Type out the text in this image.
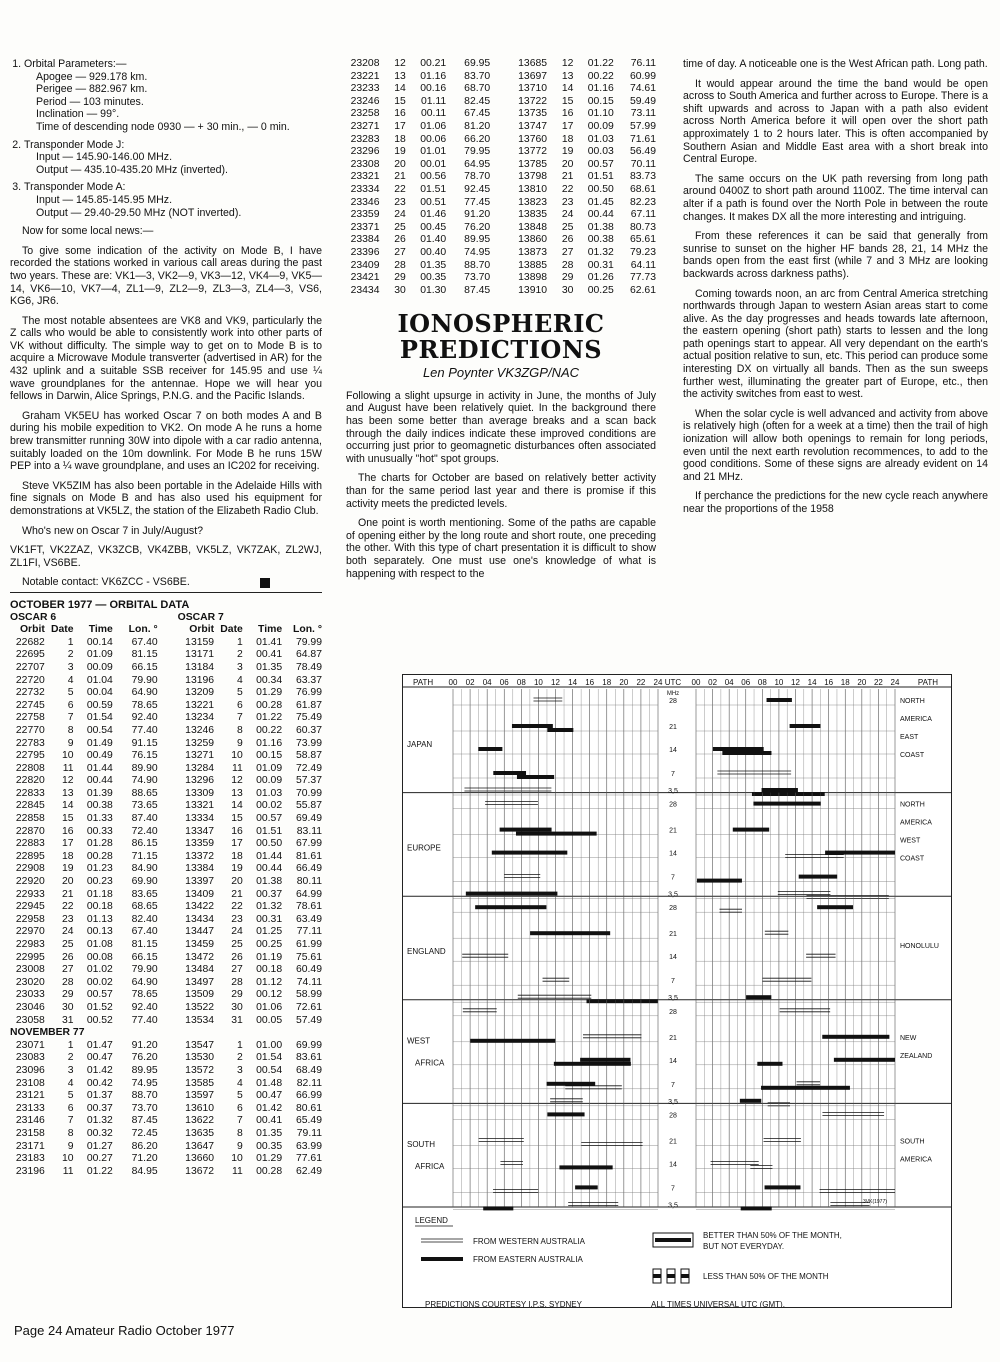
1. Orbital Parameters:—
Apogee — 929.178 km.
Perigee — 882.967 km.
Period — 103 minutes.
Inclination — 99°.
Time of descending node 0930 — + 30 min., — 0 min.
2. Transponder Mode J:
Input — 145.90-146.00 MHz.
Output — 435.10-435.20 MHz (inverted).
3. Transponder Mode A:
Input — 145.85-145.95 MHz.
Output — 29.40-29.50 MHz (NOT inverted).

Now for some local news:—

To give some indication of the activity on Mode B, I have recorded the stations worked in various call areas during the past two years. These are: VK1—3, VK2—9, VK3—12, VK4—9, VK5—14, VK6—10, VK7—4, ZL1—9, ZL2—9, ZL3—3, ZL4—3, VS6, KG6, JR6.

The most notable absentees are VK8 and VK9, particularly the Z calls who would be able to consistently work into other parts of VK without difficulty. The simple way to get on to Mode B is to acquire a Microwave Module transverter (advertised in AR) for the 432 uplink and a suitable SSB receiver for 145.95 and use ¼ wave groundplanes for the antennae. Hope we will hear you fellows in Darwin, Alice Springs, P.N.G. and the Pacific Islands.

Graham VK5EU has worked Oscar 7 on both modes A and B during his mobile expedition to VK2. On mode A he runs a home brew transmitter running 30W into dipole with a car radio antenna, suitably loaded on the 10m downlink. For Mode B he runs 15W PEP into a ¼ wave groundplane, and uses an IC202 for receiving.

Steve VK5ZIM has also been portable in the Adelaide Hills with fine signals on Mode B and has also used his equipment for demonstrations at VK5LZ, the station of the Elizabeth Radio Club.

Who's new on Oscar 7 in July/August?

VK1FT, VK2ZAZ, VK3ZCB, VK4ZBB, VK5LZ, VK7ZAK, ZL2WJ, ZL1FI, VS6BE.

Notable contact: VK6ZCC - VS6BE.

OCTOBER 1977 — ORBITAL DATA
OSCAR 6				OSCAR 7			
Orbit	Date	Time	Lon. °	Orbit	Date	Time	Lon. °
22682	1	00.14	67.40	13159	1	01.41	79.99
22695	2	01.09	81.15	13171	2	00.41	64.87
22707	3	00.09	66.15	13184	3	01.35	78.49
22720	4	01.04	79.90	13196	4	00.34	63.37
22732	5	00.04	64.90	13209	5	01.29	76.99
22745	6	00.59	78.65	13221	6	00.28	61.87
22758	7	01.54	92.40	13234	7	01.22	75.49
22770	8	00.54	77.40	13246	8	00.22	60.37
22783	9	01.49	91.15	13259	9	01.16	73.99
22795	10	00.49	76.15	13271	10	00.15	58.87
22808	11	01.44	89.90	13284	11	01.09	72.49
22820	12	00.44	74.90	13296	12	00.09	57.37
22833	13	01.39	88.65	13309	13	01.03	70.99
22845	14	00.38	73.65	13321	14	00.02	55.87
22858	15	01.33	87.40	13334	15	00.57	69.49
22870	16	00.33	72.40	13347	16	01.51	83.11
22883	17	01.28	86.15	13359	17	00.50	67.99
22895	18	00.28	71.15	13372	18	01.44	81.61
22908	19	01.23	84.90	13384	19	00.44	66.49
22920	20	00.23	69.90	13397	20	01.38	80.11
22933	21	01.18	83.65	13409	21	00.37	64.99
22945	22	00.18	68.65	13422	22	01.32	78.61
22958	23	01.13	82.40	13434	23	00.31	63.49
22970	24	00.13	67.40	13447	24	01.25	77.11
22983	25	01.08	81.15	13459	25	00.25	61.99
22995	26	00.08	66.15	13472	26	01.19	75.61
23008	27	01.02	79.90	13484	27	00.18	60.49
23020	28	00.02	64.90	13497	28	01.12	74.11
23033	29	00.57	78.65	13509	29	00.12	58.99
23046	30	01.52	92.40	13522	30	01.06	72.61
23058	31	00.52	77.40	13534	31	00.05	57.49
NOVEMBER 77							
23071	1	01.47	91.20	13547	1	01.00	69.99
23083	2	00.47	76.20	13530	2	01.54	83.61
23096	3	01.42	89.95	13572	3	00.54	68.49
23108	4	00.42	74.95	13585	4	01.48	82.11
23121	5	01.37	88.70	13597	5	00.47	66.99
23133	6	00.37	73.70	13610	6	01.42	80.61
23146	7	01.32	87.45	13622	7	00.41	65.49
23158	8	00.32	72.45	13635	8	01.35	79.11
23171	9	01.27	86.20	13647	9	00.35	63.99
23183	10	00.27	71.20	13660	10	01.29	77.61
23196	11	01.22	84.95	13672	11	00.28	62.49
23208	12	00.21	69.95	13685	12	01.22	76.11
23221	13	01.16	83.70	13697	13	00.22	60.99
23233	14	00.16	68.70	13710	14	01.16	74.61
23246	15	01.11	82.45	13722	15	00.15	59.49
23258	16	00.11	67.45	13735	16	01.10	73.11
23271	17	01.06	81.20	13747	17	00.09	57.99
23283	18	00.06	66.20	13760	18	01.03	71.61
23296	19	01.01	79.95	13772	19	00.03	56.49
23308	20	00.01	64.95	13785	20	00.57	70.11
23321	21	00.56	78.70	13798	21	01.51	83.73
23334	22	01.51	92.45	13810	22	00.50	68.61
23346	23	00.51	77.45	13823	23	01.45	82.23
23359	24	01.46	91.20	13835	24	00.44	67.11
23371	25	00.45	76.20	13848	25	01.38	80.73
23384	26	01.40	89.95	13860	26	00.38	65.61
23396	27	00.40	74.95	13873	27	01.32	79.23
23409	28	01.35	88.70	13885	28	00.31	64.11
23421	29	00.35	73.70	13898	29	01.26	77.73
23434	30	01.30	87.45	13910	30	00.25	62.61
IONOSPHERIC
PREDICTIONS
Len Poynter VK3ZGP/NAC

Following a slight upsurge in activity in June, the months of July and August have been relatively quiet. In the background there has been some better than average breaks and a scan back through the daily indices indicate these improved conditions are occurring just prior to geomagnetic disturbances often associated with unusually "hot" spot groups.

The charts for October are based on relatively better activity than for the same period last year and there is promise if this activity meets the predicted levels.

One point is worth mentioning. Some of the paths are capable of opening either by the long route and short route, one preceding the other. With this type of chart presentation it is difficult to show both separately. One must use one's knowledge of what is happening with respect to the

time of day. A noticeable one is the West African path. Long path.

It would appear around the time the band would be open across to South America and further across to Europe. There is a shift upwards and across to Japan with a path also evident across North America before it will open over the short path approximately 1 to 2 hours later. This is often accompanied by Southern Asian and Middle East area with a short break into Central Europe.

The same occurs on the UK path reversing from long path around 0400Z to short path around 1100Z. The time interval can alter if a path is found over the North Pole in between the route changes. It makes DX all the more interesting and intriguing.

From these references it can be said that generally from sunrise to sunset on the higher HF bands 28, 21, 14 MHz the bands open from the east first (while 7 and 3 MHz are looking backwards across darkness paths).

Coming towards noon, an arc from Central America stretching northwards through Japan to western Asian areas start to come alive. As the day progresses and heads towards late afternoon, the eastern opening (short path) starts to lessen and the long path openings start to appear. All very dependant on the earth's actual position relative to sun, etc. This period can produce some interesting DX on virtually all bands. Then as the sun sweeps further west, illuminating the greater part of Europe, etc., then the activity switches from east to west.

When the solar cycle is well advanced and activity from above is relatively high (often for a week at a time) then the trail of high ionization will allow both openings to remain for long periods, even until the next earth revolution recommences, to add to the good conditions. Some of these signs are already evident on 14 and 21 MHz.

If perchance the predictions for the new cycle reach anywhere near the proportions of the 1958

PATH 00	00
02	02
04	04
06	06
08	08
10	10
12	12
14	14
16	16
18	18
20	20
22	22
24	24
UTC
MHz
PATH
28
21
14
7
3,5
JAPAN
NORTH
AMERICA
EAST
COAST
28
21
14
7
3,5
EUROPE
NORTH
AMERICA
WEST
COAST
28
21
14
7
3,5
ENGLAND
HONOLULU
28
21
14
7
3,5
WEST
AFRICA
NEW
ZEALAND
28
21
14
7
3,5
SOUTH
AFRICA
SOUTH
AMERICA
3VK(1977)
LEGEND
FROM WESTERN AUSTRALIA
FROM EASTERN AUSTRALIA
BETTER THAN 50% OF THE MONTH,
BUT NOT EVERYDAY.
LESS THAN 50% OF THE MONTH
PREDICTIONS COURTESY I.P.S. SYDNEY	ALL TIMES UNIVERSAL UTC (GMT).
Page 24 Amateur Radio October 1977
